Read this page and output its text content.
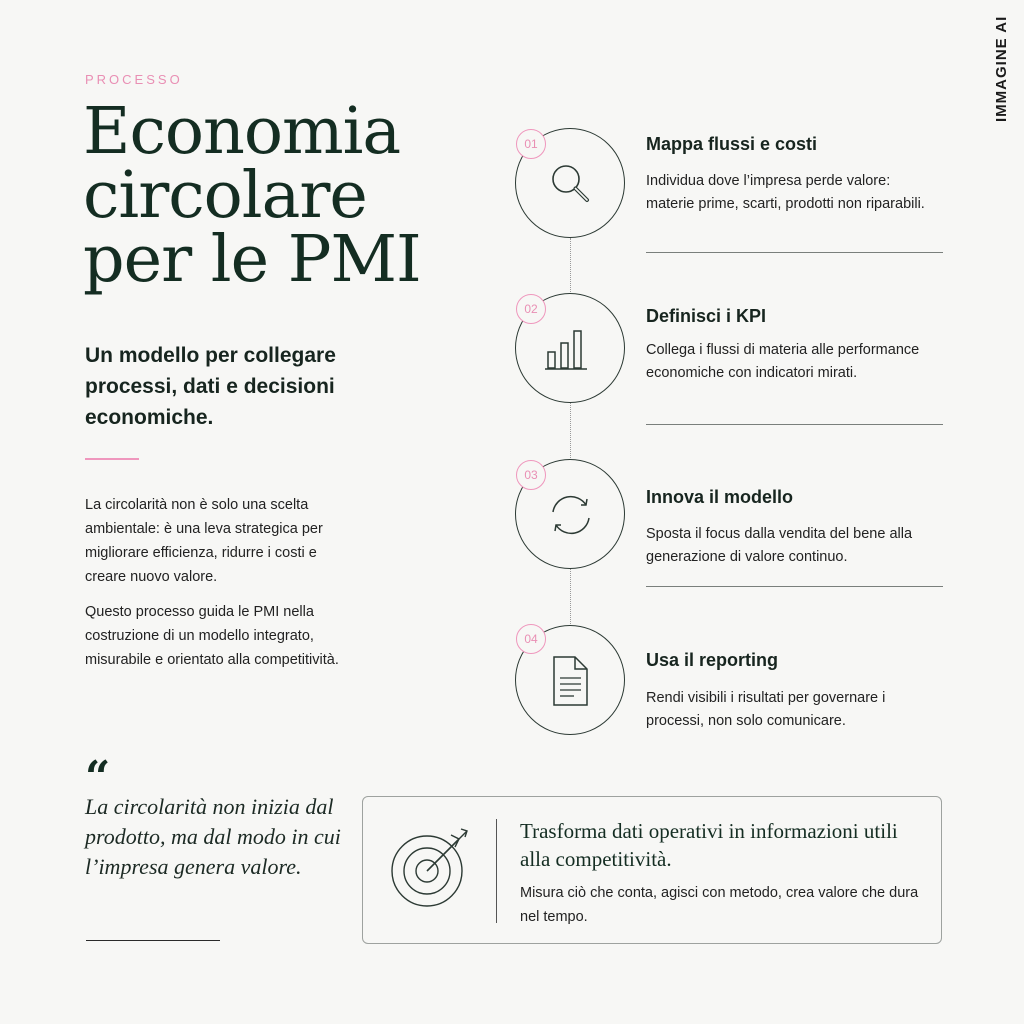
IMMAGINE AI
PROCESSO
Economia circolare per le PMI

Un modello per collegare processi, dati e decisioni economiche.

La circolarità non è solo una scelta ambientale: è una leva strategica per migliorare efficienza, ridurre i costi e creare nuovo valore.

Questo processo guida le PMI nella costruzione di un modello integrato, misurabile e orientato alla competitività.

“

La circolarità non inizia dal prodotto, ma dal modo in cui l’impresa genera valore.

01	Mappa flussi e costi
Individua dove l’impresa perde valore: materie prime, scarti, prodotti non riparabili.
02	Definisci i KPI
Collega i flussi di materia alle performance economiche con indicatori mirati.
03
Innova il modello
Sposta il focus dalla vendita del bene alla generazione di valore continuo.
04
Usa il reporting
Rendi visibili i risultati per governare i processi, non solo comunicare.
Trasforma dati operativi in informazioni utili alla competitività.
Misura ciò che conta, agisci con metodo, crea valore che dura nel tempo.
